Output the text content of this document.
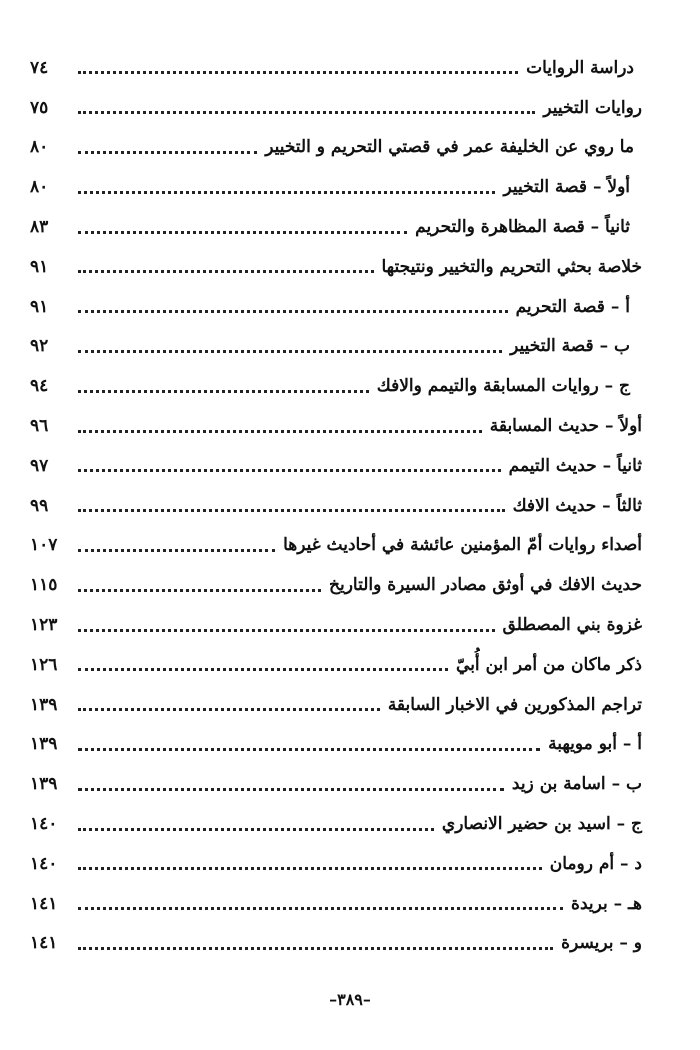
دراسة الروايات
٧٤
روايات التخيير
٧٥
ما روي عن الخليفة عمر في قصتي التحريم و التخيير
٨٠
أولاً – قصة التخيير
٨٠
ثانياً – قصة المظاهرة والتحريم
٨٣
خلاصة بحثي التحريم والتخيير ونتيجتها
٩١
أ – قصة التحريم
٩١
ب – قصة التخيير
٩٢
ج – روايات المسابقة والتيمم والافك
٩٤
أولاً – حديث المسابقة
٩٦
ثانياً – حديث التيمم
٩٧
ثالثاً – حديث الافك
٩٩
أصداء روايات أمّ المؤمنين عائشة في أحاديث غيرها
١٠٧
حديث الافك في أوثق مصادر السيرة والتاريخ
١١٥
غزوة بني المصطلق
١٢٣
ذكر ماكان من أمر ابن أُبيّ
١٢٦
تراجم المذكورين في الاخبار السابقة
١٣٩
أ – أبو مويهبة
١٣٩
ب – اسامة بن زيد
١٣٩
ج – اسيد بن حضير الانصاري
١٤٠
د – أم رومان
١٤٠
هـ – بريدة
١٤١
و – بريسرة
١٤١
–٣٨٩–
